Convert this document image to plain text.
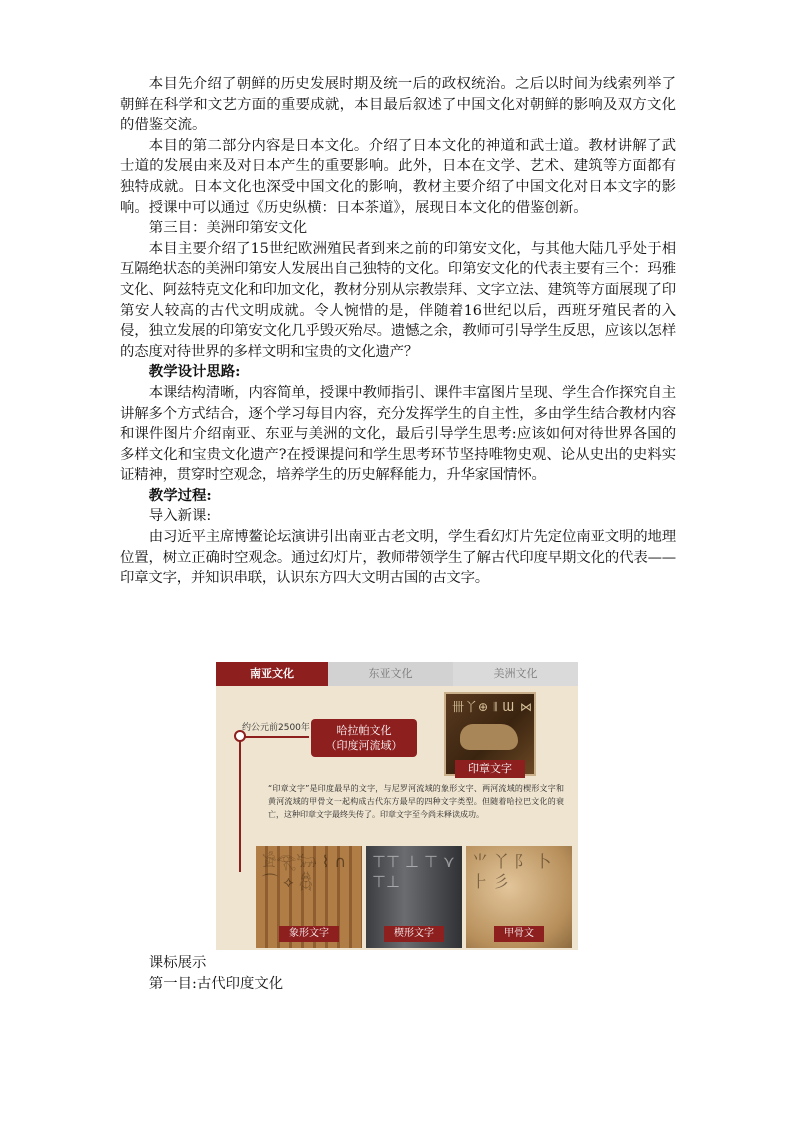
本目先介绍了朝鲜的历史发展时期及统一后的政权统治。之后以时间为线索列举了朝鲜在科学和文艺方面的重要成就，本目最后叙述了中国文化对朝鲜的影响及双方文化的借鉴交流。

本目的第二部分内容是日本文化。介绍了日本文化的神道和武士道。教材讲解了武士道的发展由来及对日本产生的重要影响。此外，日本在文学、艺术、建筑等方面都有独特成就。日本文化也深受中国文化的影响，教材主要介绍了中国文化对日本文字的影响。授课中可以通过《历史纵横：日本茶道》，展现日本文化的借鉴创新。

第三目：美洲印第安文化

本目主要介绍了15世纪欧洲殖民者到来之前的印第安文化，与其他大陆几乎处于相互隔绝状态的美洲印第安人发展出自己独特的文化。印第安文化的代表主要有三个：玛雅文化、阿兹特克文化和印加文化，教材分别从宗教崇拜、文字立法、建筑等方面展现了印第安人较高的古代文明成就。令人惋惜的是，伴随着16世纪以后，西班牙殖民者的入侵，独立发展的印第安文化几乎毁灭殆尽。遗憾之余，教师可引导学生反思，应该以怎样的态度对待世界的多样文明和宝贵的文化遗产？

教学设计思路:

本课结构清晰，内容简单，授课中教师指引、课件丰富图片呈现、学生合作探究自主讲解多个方式结合，逐个学习每目内容，充分发挥学生的自主性，多由学生结合教材内容和课件图片介绍南亚、东亚与美洲的文化，最后引导学生思考:应该如何对待世界各国的多样文化和宝贵文化遗产?在授课提问和学生思考环节坚持唯物史观、论从史出的史料实证精神，贯穿时空观念，培养学生的历史解释能力，升华家国情怀。

教学过程:

导入新课:

由习近平主席博鳌论坛演讲引出南亚古老文明，学生看幻灯片先定位南亚文明的地理位置，树立正确时空观念。通过幻灯片，教师带领学生了解古代印度早期文化的代表——印章文字，并知识串联，认识东方四大文明古国的古文字。

南亚文化	东亚文化	美洲文化
约公元前2500年	哈拉帕文化
（印度河流域）
卌丫⊕ 𝄂 Ɯ ⋈
印章文字
“印章文字”是印度最早的文字，与尼罗河流域的象形文字、两河流域的楔形文字和黄河流域的甲骨文一起构成古代东方最早的四种文字类型。但随着哈拉巴文化的衰亡，这种印章文字最终失传了。印章文字至今尚未释读成功。
𓀀𓂀𓃒 ⌇ ∩ ⌒ ⟡ 𓆣
象形文字
⊤⊤ ⊥ ⊤ ⋎ ⊤⊥
楔形文字
⺌ 丫 ⻖ 卜 ⺊ 彡
甲骨文

课标展示

第一目:古代印度文化
